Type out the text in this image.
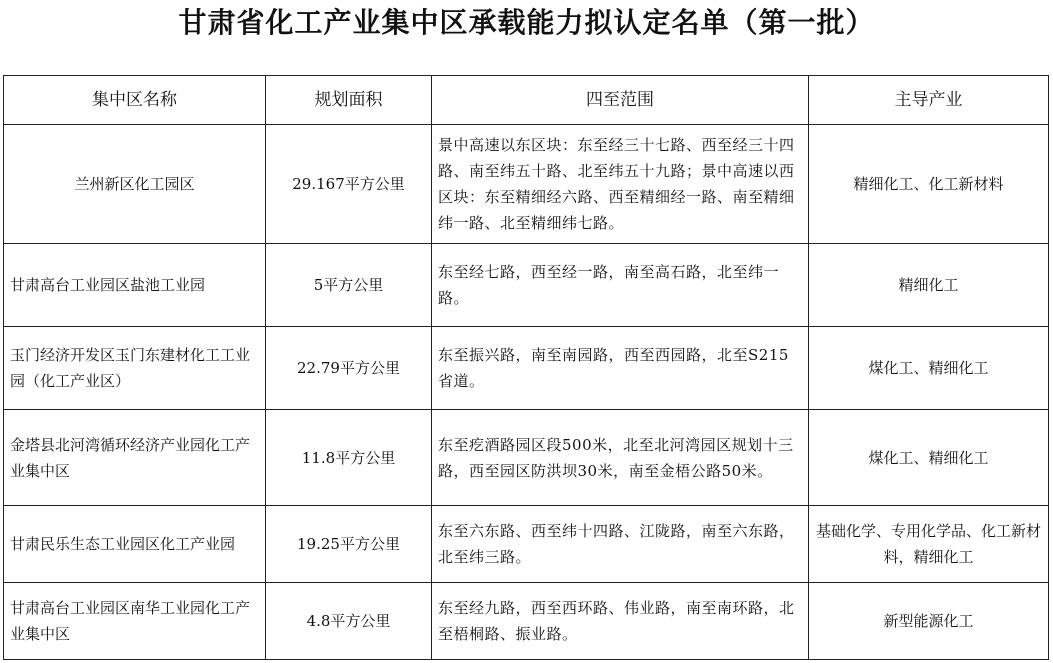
甘肃省化工产业集中区承载能力拟认定名单（第一批）
集中区名称	规划面积	四至范围	主导产业
兰州新区化工园区	29.167平方公里	景中高速以东区块：东至经三十七路、西至经三十四路、南至纬五十路、北至纬五十九路；景中高速以西区块：东至精细经六路、西至精细经一路、南至精细纬一路、北至精细纬七路。	精细化工、化工新材料
甘肃高台工业园区盐池工业园	5平方公里	东至经七路，西至经一路，南至高石路，北至纬一路。	精细化工
玉门经济开发区玉门东建材化工工业园（化工产业区）	22.79平方公里	东至振兴路，南至南园路，西至西园路，北至S215省道。	煤化工、精细化工
金塔县北河湾循环经济产业园化工产业集中区	11.8平方公里	东至疙酒路园区段500米，北至北河湾园区规划十三路，西至园区防洪坝30米，南至金梧公路50米。	煤化工、精细化工
甘肃民乐生态工业园区化工产业园	19.25平方公里	东至六东路、西至纬十四路、江陇路，南至六东路，北至纬三路。	基础化学、专用化学品、化工新材料，精细化工
甘肃高台工业园区南华工业园化工产业集中区	4.8平方公里	东至经九路，西至西环路、伟业路，南至南环路，北至梧桐路、振业路。	新型能源化工
